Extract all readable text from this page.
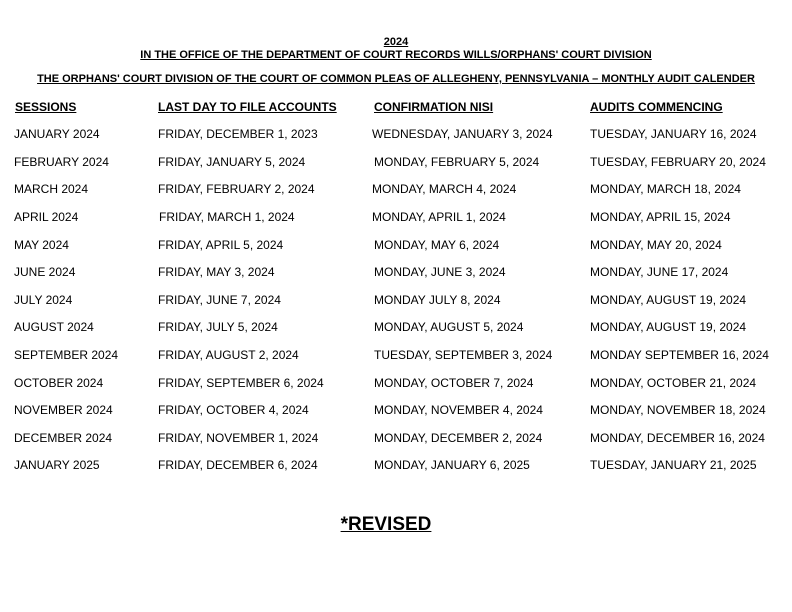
2024
IN THE OFFICE OF THE DEPARTMENT OF COURT RECORDS WILLS/ORPHANS' COURT DIVISION
THE ORPHANS' COURT DIVISION OF THE COURT OF COMMON PLEAS OF ALLEGHENY, PENNSYLVANIA – MONTHLY AUDIT CALENDER
SESSIONS	LAST DAY TO FILE ACCOUNTS	CONFIRMATION NISI	AUDITS COMMENCING
JANUARY 2024	FRIDAY, DECEMBER 1, 2023	WEDNESDAY, JANUARY 3, 2024	TUESDAY, JANUARY 16, 2024
FEBRUARY 2024	FRIDAY, JANUARY 5, 2024	MONDAY, FEBRUARY 5, 2024	TUESDAY, FEBRUARY 20, 2024
MARCH 2024	FRIDAY, FEBRUARY 2, 2024	MONDAY, MARCH 4, 2024	MONDAY, MARCH 18, 2024
APRIL 2024	FRIDAY, MARCH 1, 2024	MONDAY, APRIL 1, 2024	MONDAY, APRIL 15, 2024
MAY 2024	FRIDAY, APRIL 5, 2024	MONDAY, MAY 6, 2024	MONDAY, MAY 20, 2024
JUNE 2024	FRIDAY, MAY 3, 2024	MONDAY, JUNE 3, 2024	MONDAY, JUNE 17, 2024
JULY 2024	FRIDAY, JUNE 7, 2024	MONDAY JULY 8, 2024	MONDAY, AUGUST 19, 2024
AUGUST 2024	FRIDAY, JULY 5, 2024	MONDAY, AUGUST 5, 2024	MONDAY, AUGUST 19, 2024
SEPTEMBER 2024	FRIDAY, AUGUST 2, 2024	TUESDAY, SEPTEMBER 3, 2024	MONDAY SEPTEMBER 16, 2024
OCTOBER 2024	FRIDAY, SEPTEMBER 6, 2024	MONDAY, OCTOBER 7, 2024	MONDAY, OCTOBER 21, 2024
NOVEMBER 2024	FRIDAY, OCTOBER 4, 2024	MONDAY, NOVEMBER 4, 2024	MONDAY, NOVEMBER 18, 2024
DECEMBER 2024	FRIDAY, NOVEMBER 1, 2024	MONDAY, DECEMBER 2, 2024	MONDAY, DECEMBER 16, 2024
JANUARY 2025	FRIDAY, DECEMBER 6, 2024	MONDAY, JANUARY 6, 2025	TUESDAY, JANUARY 21, 2025
*REVISED
